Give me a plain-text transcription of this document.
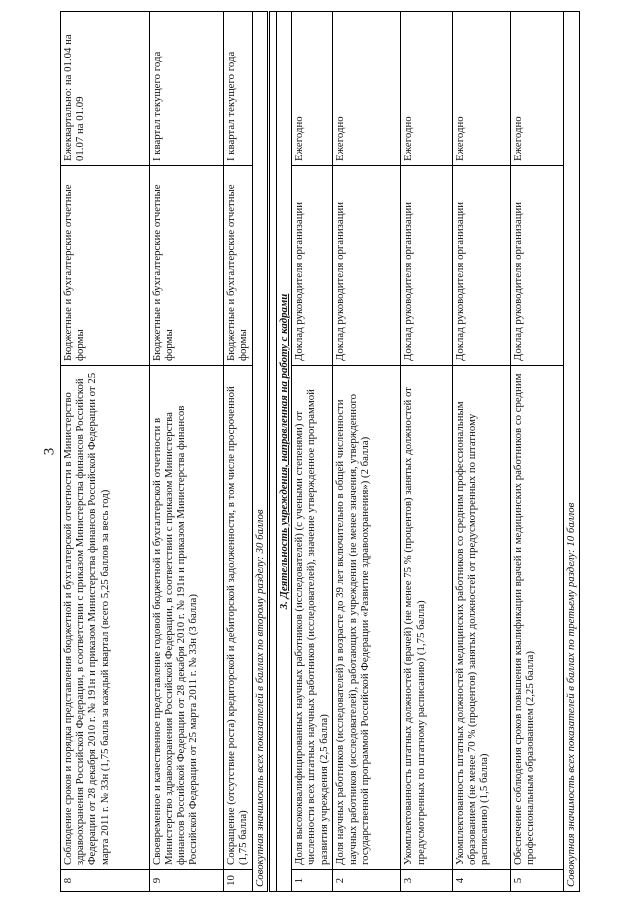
3
8	Соблюдение сроков и порядка представления бюджетной и бухгалтерской отчетности в Министерство здравоохранения Российской Федерации, в соответствии с приказом Министерства финансов Российской Федерации от 28 декабря 2010 г. № 191н и приказом Министерства финансов Российской Федерации от 25 марта 2011 г. № 33н (1,75 балла за каждый квартал (всего 5,25 баллов за весь год)	Бюджетные и бухгалтерские отчетные формы	Ежеквартально: на 01.04 на 01.07 на 01.09
9	Своевременное и качественное представление годовой бюджетной и бухгалтерской отчетности в Министерство здравоохранения Российской Федерации, в соответствии с приказом Министерства финансов Российской Федерации от 28 декабря 2010 г. № 191н и приказом Министерства финансов Российской Федерации от 25 марта 2011 г. № 33н (3 балла)	Бюджетные и бухгалтерские отчетные формы	I квартал текущего года
10	Сокращение (отсутствие роста) кредиторской и дебиторской задолженности, в том числе просроченной (1,75 балла)	Бюджетные и бухгалтерские отчетные формы	I квартал текущего года
Совокупная значимость всех показателей в баллах по второму разделу: 30 баллов			

3. Деятельность учреждения, направленная на работу с кадрами			
1	Доля высококвалифицированных научных работников (исследователей) (с учеными степенями) от численности всех штатных научных работников (исследователей), значение утвержденное программой развития учреждения (2,5 балла)	Доклад руководителя организации	Ежегодно
2	Доля научных работников (исследователей) в возрасте до 39 лет включительно в общей численности научных работников (исследователей), работающих в учреждении (не менее значения, утвержденного государственной программой Российской Федерации «Развитие здравоохранения») (2 балла)	Доклад руководителя организации	Ежегодно
3	Укомплектованность штатных должностей (врачей) (не менее 75 % (процентов) занятых должностей от предусмотренных по штатному расписанию) (1,75 балла)	Доклад руководителя организации	Ежегодно
4	Укомплектованность штатных должностей медицинских работников со средним профессиональным образованием (не менее 70 % (процентов) занятых должностей от предусмотренных по штатному расписанию) (1,5 балла)	Доклад руководителя организации	Ежегодно
5	Обеспечение соблюдения сроков повышения квалификации врачей и медицинских работников со средним профессиональным образованием (2,25 балла)	Доклад руководителя организации	Ежегодно
Совокупная значимость всех показателей в баллах по третьему разделу: 10 баллов			
